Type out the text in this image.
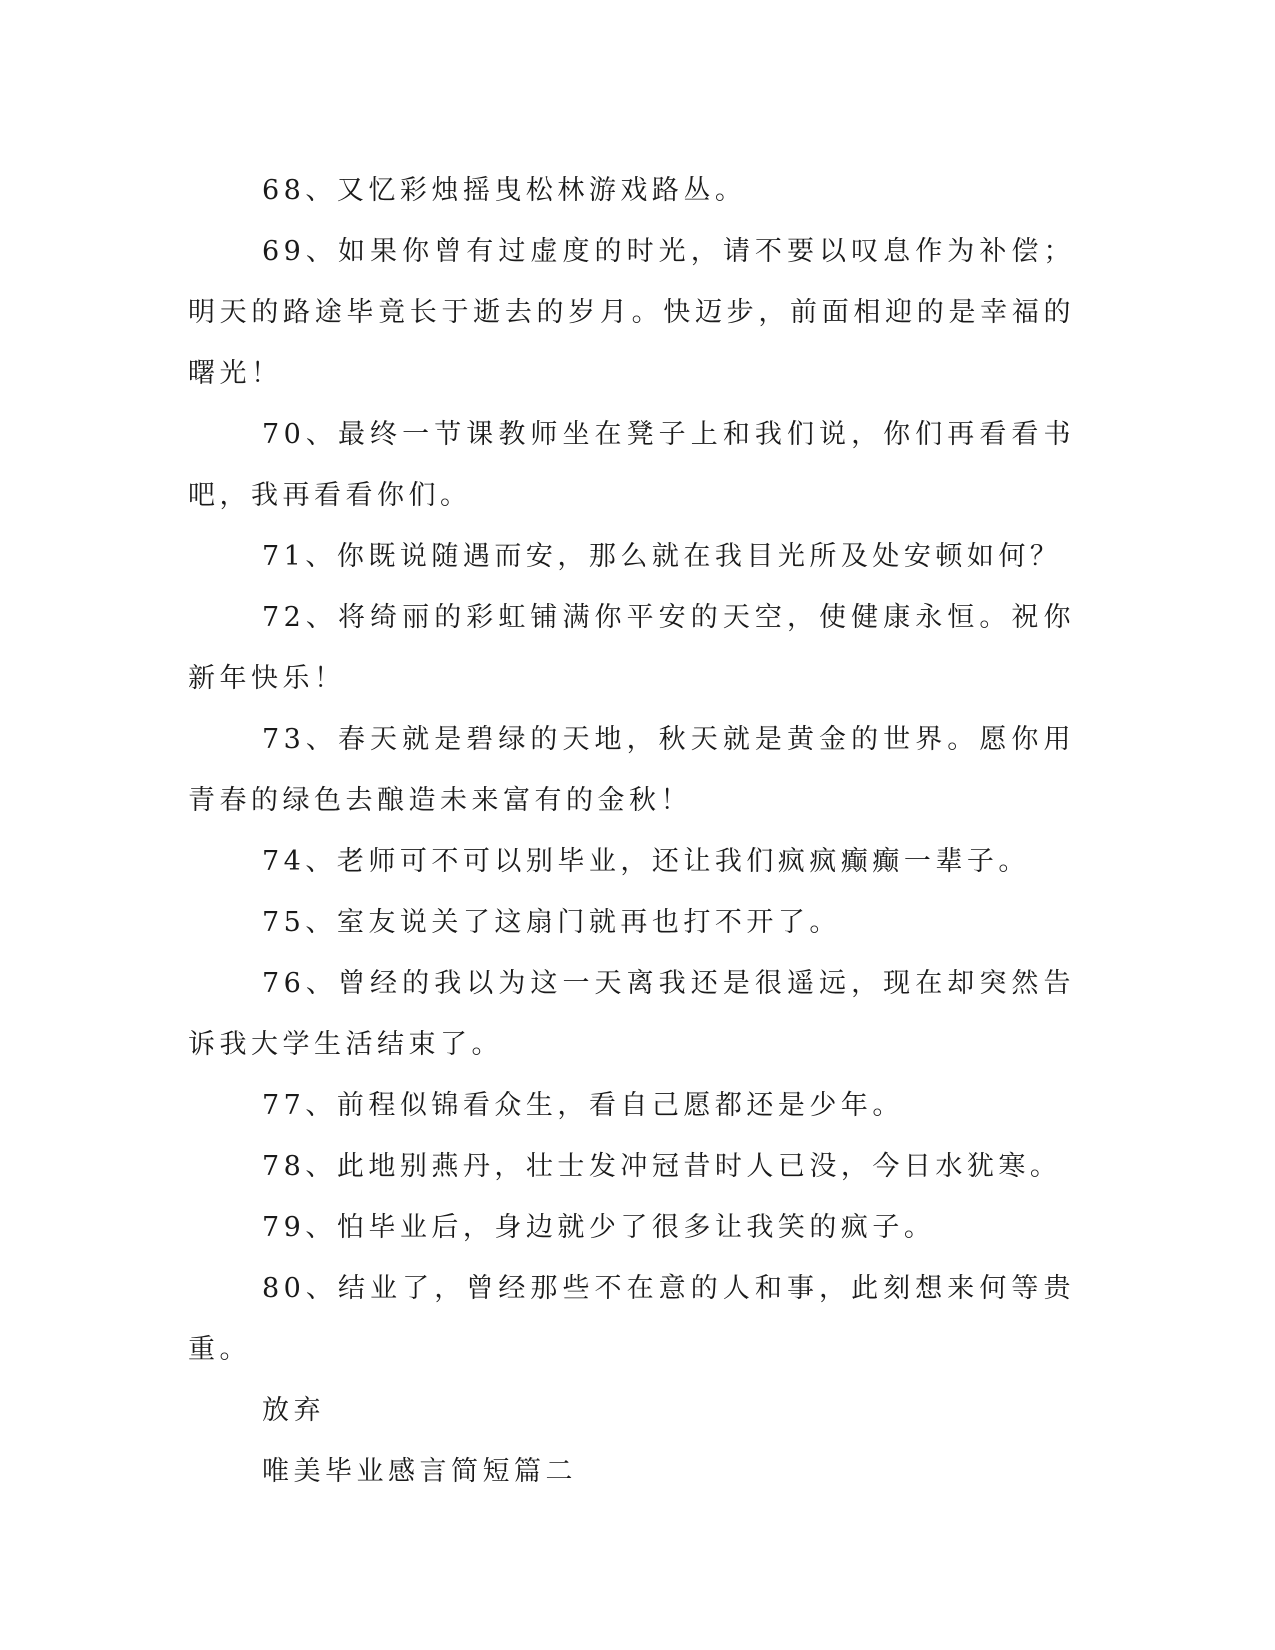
68、又忆彩烛摇曳松林游戏路丛。

69、如果你曾有过虚度的时光，请不要以叹息作为补偿；明天的路途毕竟长于逝去的岁月。快迈步，前面相迎的是幸福的曙光！

70、最终一节课教师坐在凳子上和我们说，你们再看看书吧，我再看看你们。

71、你既说随遇而安，那么就在我目光所及处安顿如何？

72、将绮丽的彩虹铺满你平安的天空，使健康永恒。祝你新年快乐！

73、春天就是碧绿的天地，秋天就是黄金的世界。愿你用青春的绿色去酿造未来富有的金秋！

74、老师可不可以别毕业，还让我们疯疯癫癫一辈子。

75、室友说关了这扇门就再也打不开了。

76、曾经的我以为这一天离我还是很遥远，现在却突然告诉我大学生活结束了。

77、前程似锦看众生，看自己愿都还是少年。

78、此地别燕丹，壮士发冲冠昔时人已没，今日水犹寒。

79、怕毕业后，身边就少了很多让我笑的疯子。

80、结业了，曾经那些不在意的人和事，此刻想来何等贵重。

放弃

唯美毕业感言简短篇二
